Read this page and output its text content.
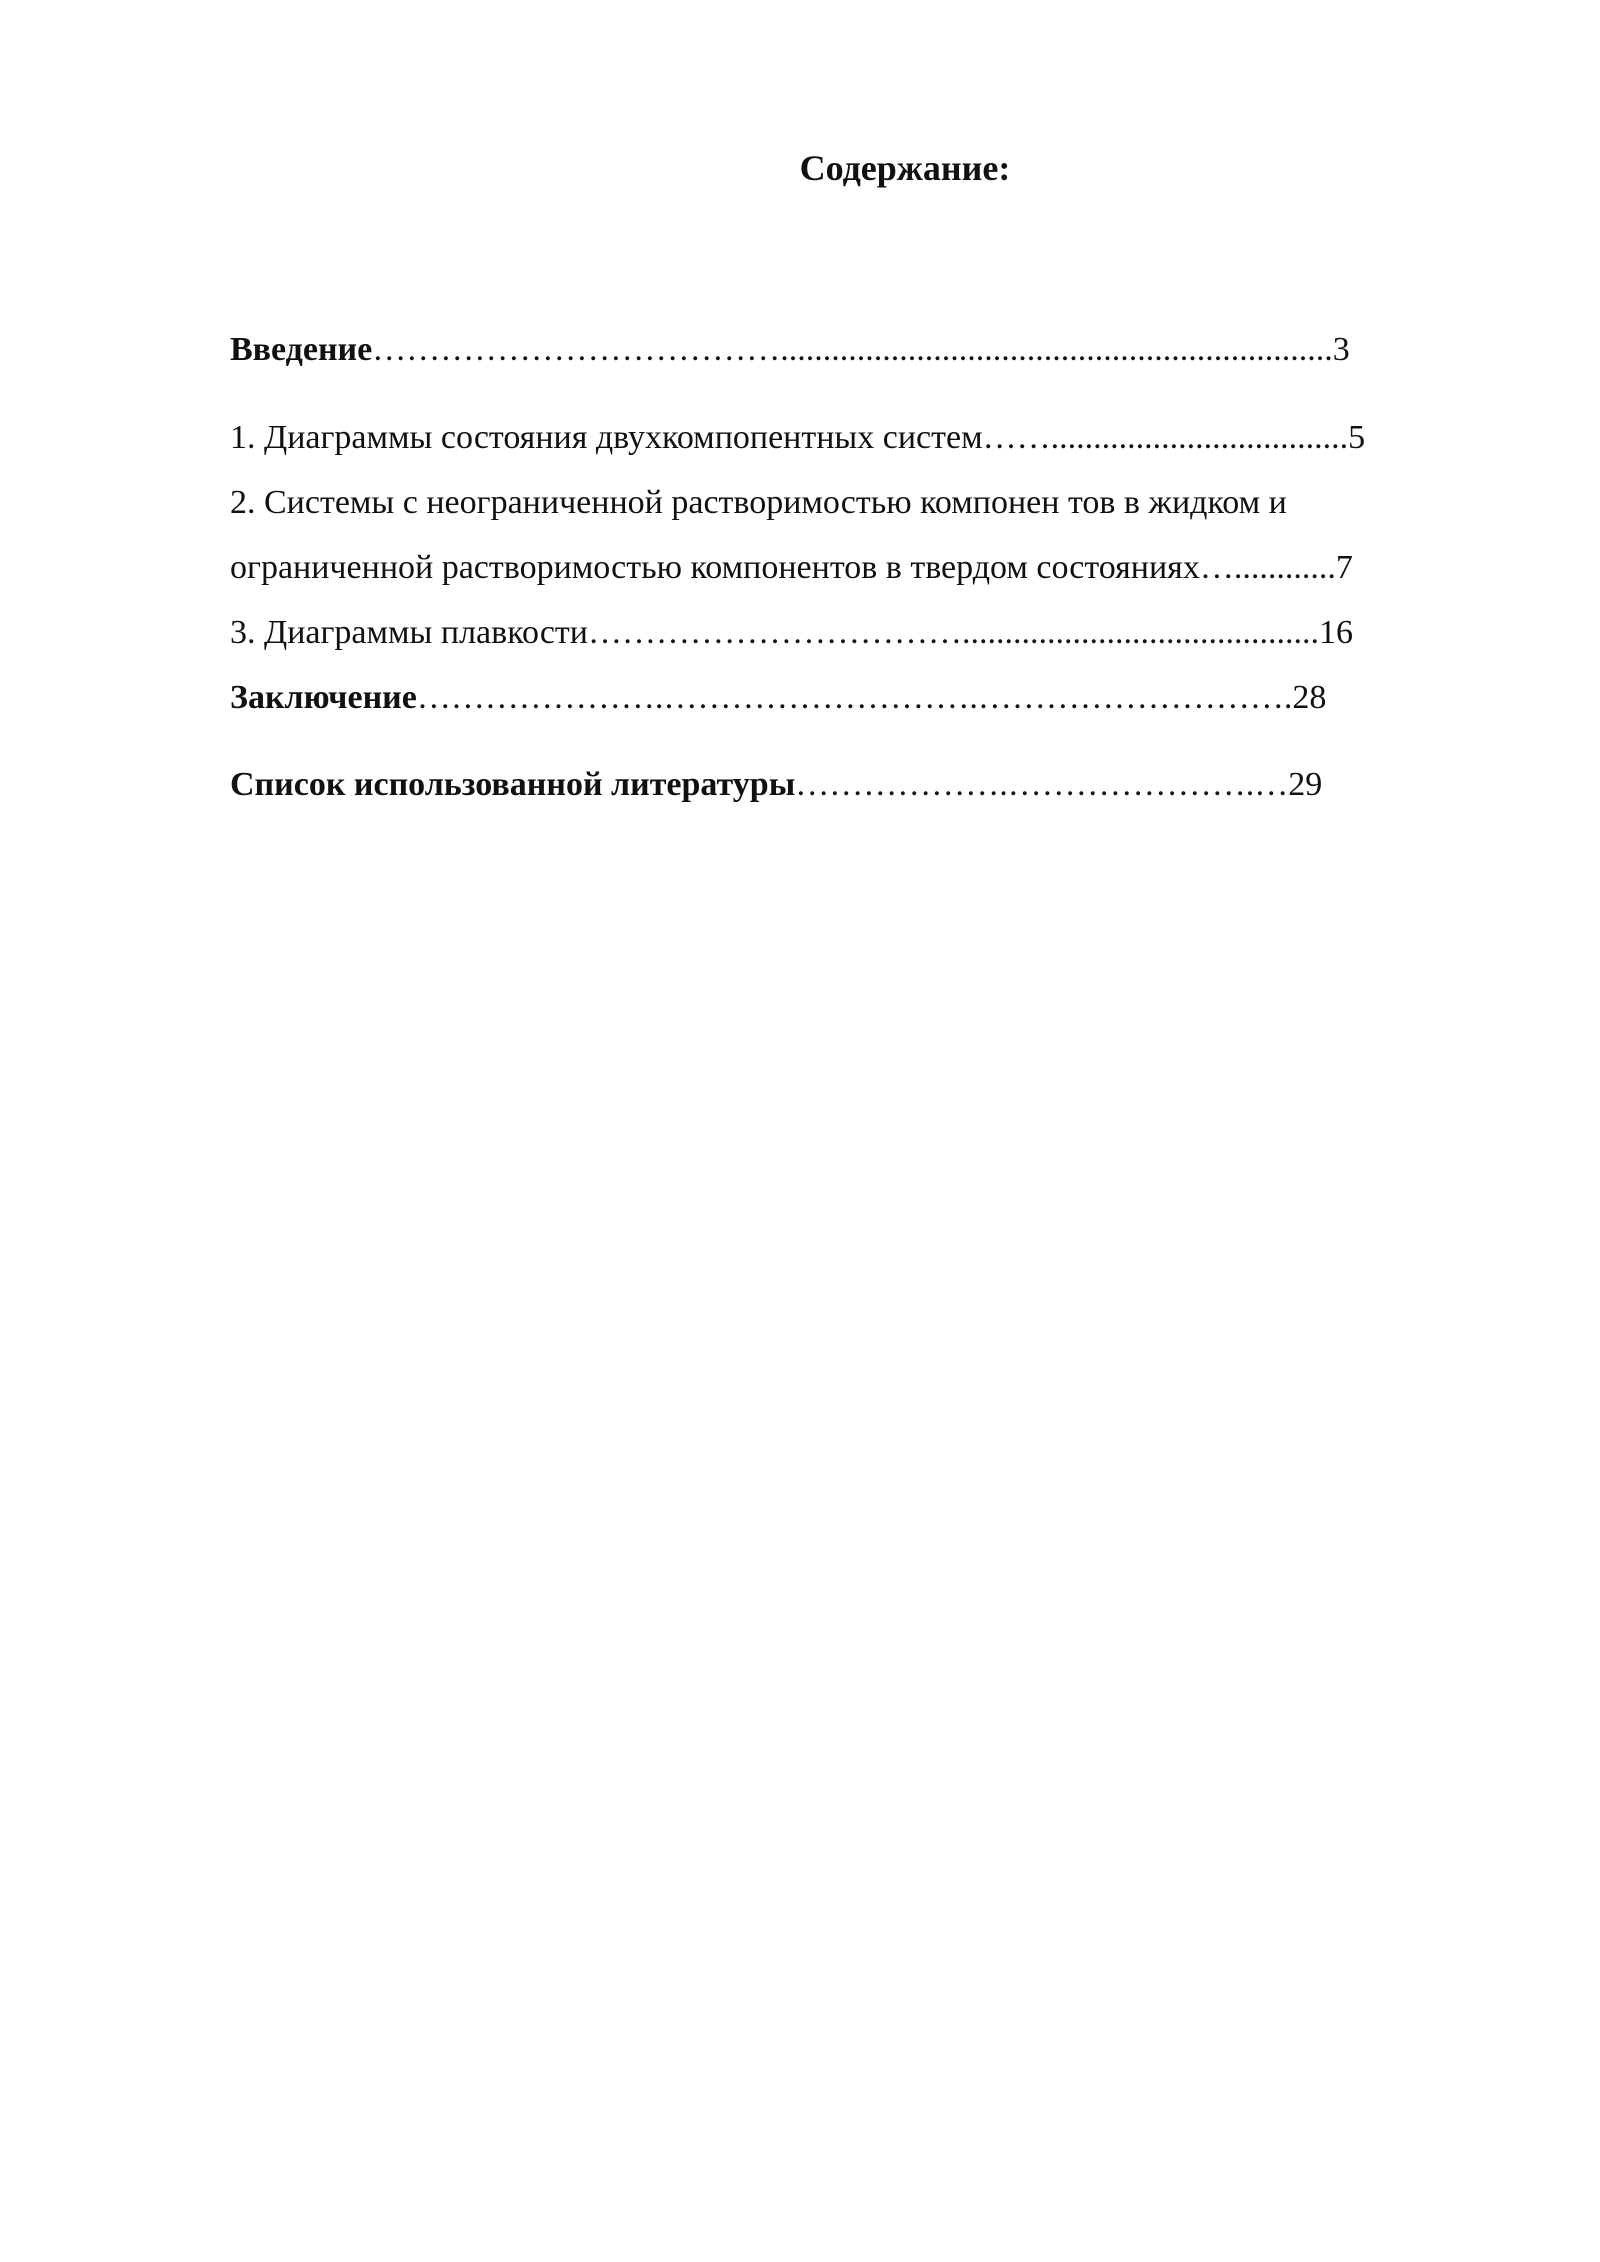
Содержание:
Введение……………………………….................................................................3
1. Диаграммы состояния двухкомпопентных систем……...................................5
2. Системы с неограниченной растворимостью компонен тов в жидком и
ограниченной растворимостью компонентов в твердом состояниях…............7
3. Диаграммы плавкости……………………………..........................................16
Заключение………………….……………………….……………………….28
Список использованной литературы……………….………………….…29
